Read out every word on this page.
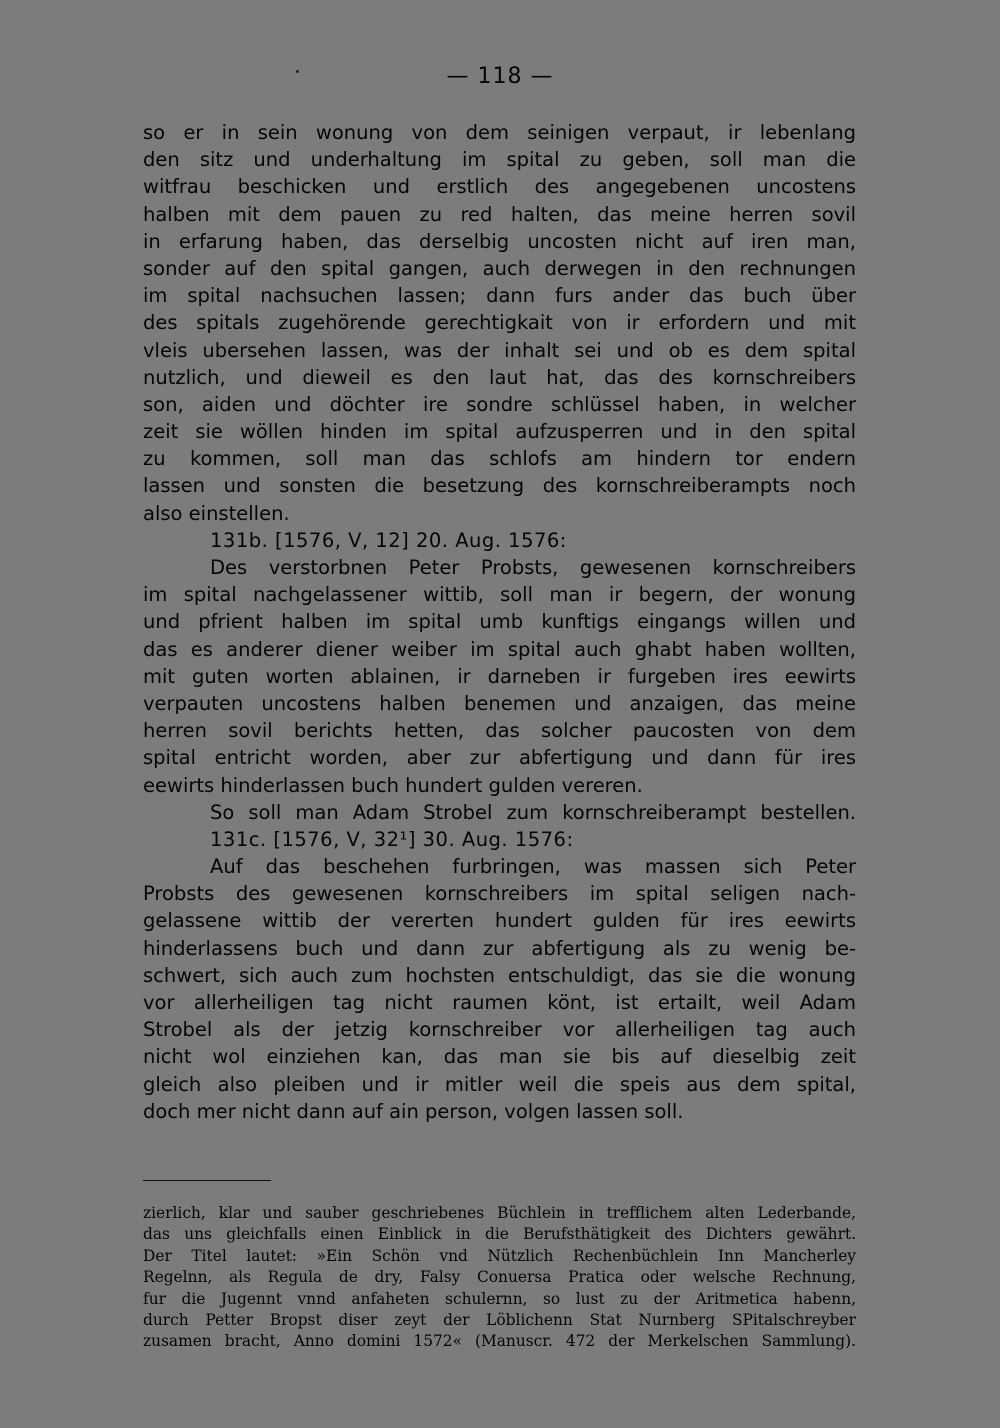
— 118 —
so er in sein wonung von dem seinigen verpaut, ir lebenlang
den sitz und underhaltung im spital zu geben, soll man die
witfrau beschicken und erstlich des angegebenen uncostens
halben mit dem pauen zu red halten, das meine herren sovil
in erfarung haben, das derselbig uncosten nicht auf iren man,
sonder auf den spital gangen, auch derwegen in den rechnungen
im spital nachsuchen lassen; dann furs ander das buch über
des spitals zugehörende gerechtigkait von ir erfordern und mit
vleis ubersehen lassen, was der inhalt sei und ob es dem spital
nutzlich, und dieweil es den laut hat, das des kornschreibers
son, aiden und döchter ire sondre schlüssel haben, in welcher
zeit sie wöllen hinden im spital aufzusperren und in den spital
zu kommen, soll man das schlofs am hindern tor endern
lassen und sonsten die besetzung des kornschreiberampts noch
also einstellen.
131b. [1576, V, 12] 20. Aug. 1576:
Des verstorbnen Peter Probsts, gewesenen kornschreibers
im spital nachgelassener wittib, soll man ir begern, der wonung
und pfrient halben im spital umb kunftigs eingangs willen und
das es anderer diener weiber im spital auch ghabt haben wollten,
mit guten worten ablainen, ir darneben ir furgeben ires eewirts
verpauten uncostens halben benemen und anzaigen, das meine
herren sovil berichts hetten, das solcher paucosten von dem
spital entricht worden, aber zur abfertigung und dann für ires
eewirts hinderlassen buch hundert gulden vereren.
So soll man Adam Strobel zum kornschreiberampt bestellen.
131c. [1576, V, 32¹] 30. Aug. 1576:
Auf das beschehen furbringen, was massen sich Peter
Probsts des gewesenen kornschreibers im spital seligen nach-
gelassene wittib der vererten hundert gulden für ires eewirts
hinderlassens buch und dann zur abfertigung als zu wenig be-
schwert, sich auch zum hochsten entschuldigt, das sie die wonung
vor allerheiligen tag nicht raumen könt, ist ertailt, weil Adam
Strobel als der jetzig kornschreiber vor allerheiligen tag auch
nicht wol einziehen kan, das man sie bis auf dieselbig zeit
gleich also pleiben und ir mitler weil die speis aus dem spital,
doch mer nicht dann auf ain person, volgen lassen soll.
zierlich, klar und sauber geschriebenes Büchlein in trefflichem alten Lederbande,
das uns gleichfalls einen Einblick in die Berufsthätigkeit des Dichters gewährt.
Der Titel lautet: »Ein Schön vnd Nützlich Rechenbüchlein Inn Mancherley
Regelnn, als Regula de dry, Falsy Conuersa Pratica oder welsche Rechnung,
fur die Jugennt vnnd anfaheten schulernn, so lust zu der Aritmetica habenn,
durch Petter Bropst diser zeyt der Löblichenn Stat Nurnberg SPitalschreyber
zusamen bracht, Anno domini 1572« (Manuscr. 472 der Merkelschen Sammlung).
